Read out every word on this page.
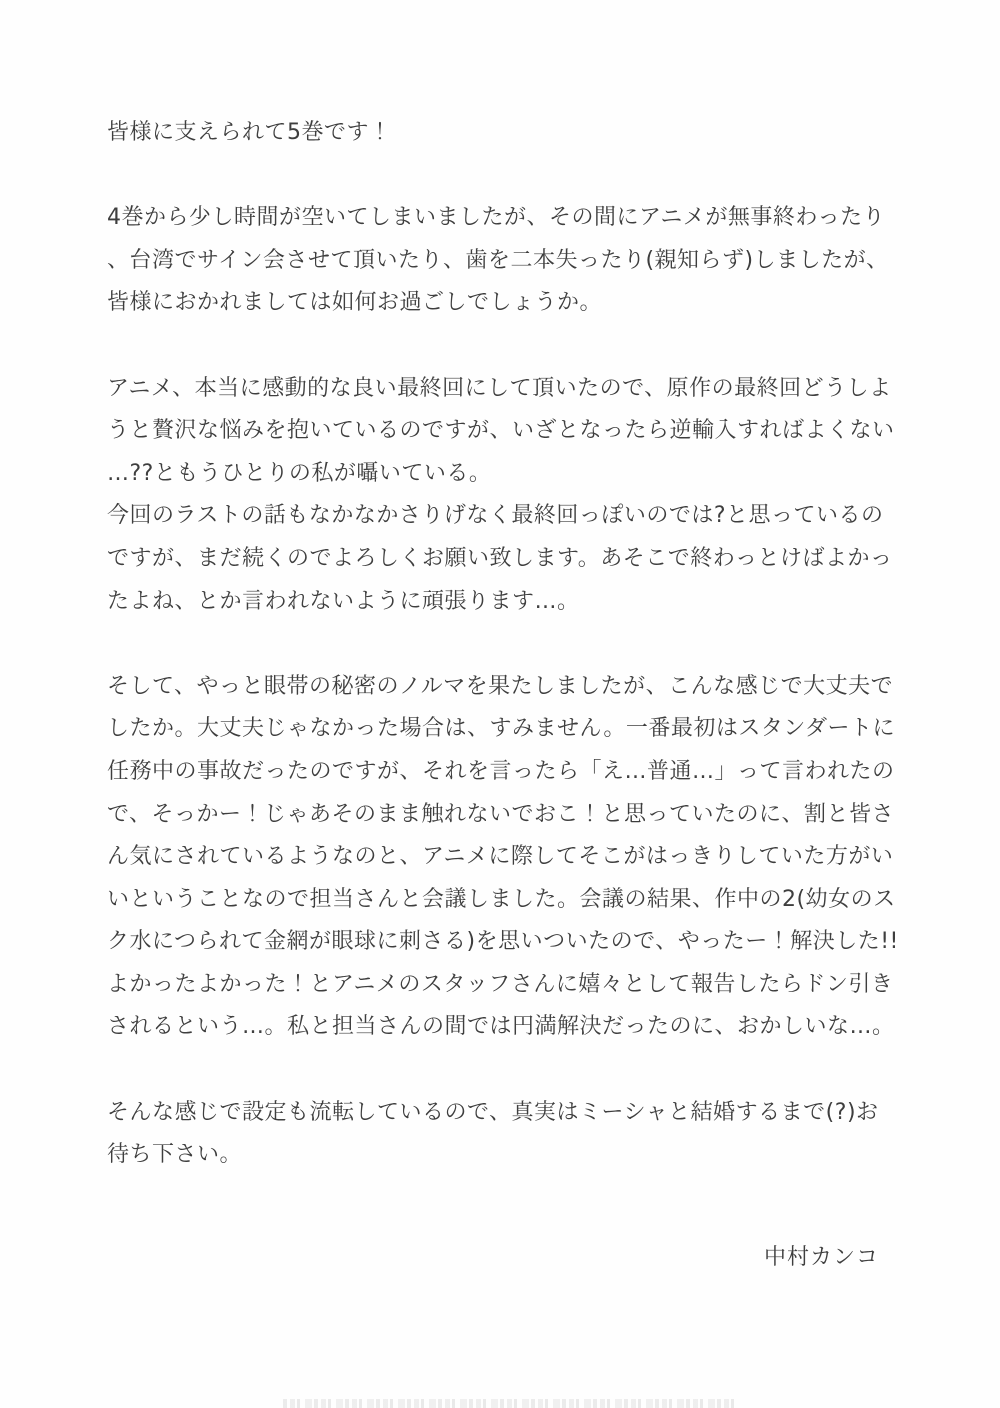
皆様に支えられて5巻です！

4巻から少し時間が空いてしまいましたが、その間にアニメが無事終わったり、台湾でサイン会させて頂いたり、歯を二本失ったり(親知らず)しましたが、皆様におかれましては如何お過ごしでしょうか。

アニメ、本当に感動的な良い最終回にして頂いたので、原作の最終回どうしようと贅沢な悩みを抱いているのですが、いざとなったら逆輸入すればよくない…??ともうひとりの私が囁いている。

今回のラストの話もなかなかさりげなく最終回っぽいのでは?と思っているのですが、まだ続くのでよろしくお願い致します。あそこで終わっとけばよかったよね、とか言われないように頑張ります…。

そして、やっと眼帯の秘密のノルマを果たしましたが、こんな感じで大丈夫でしたか。大丈夫じゃなかった場合は、すみません。一番最初はスタンダートに任務中の事故だったのですが、それを言ったら「え…普通…」って言われたので、そっかー！じゃあそのまま触れないでおこ！と思っていたのに、割と皆さん気にされているようなのと、アニメに際してそこがはっきりしていた方がいいということなので担当さんと会議しました。会議の結果、作中の2(幼女のスク水につられて金網が眼球に刺さる)を思いついたので、やったー！解決した!! よかったよかった！とアニメのスタッフさんに嬉々として報告したらドン引きされるという…。私と担当さんの間では円満解決だったのに、おかしいな…。

そんな感じで設定も流転しているので、真実はミーシャと結婚するまで(?)お待ち下さい。

中村カンコ
